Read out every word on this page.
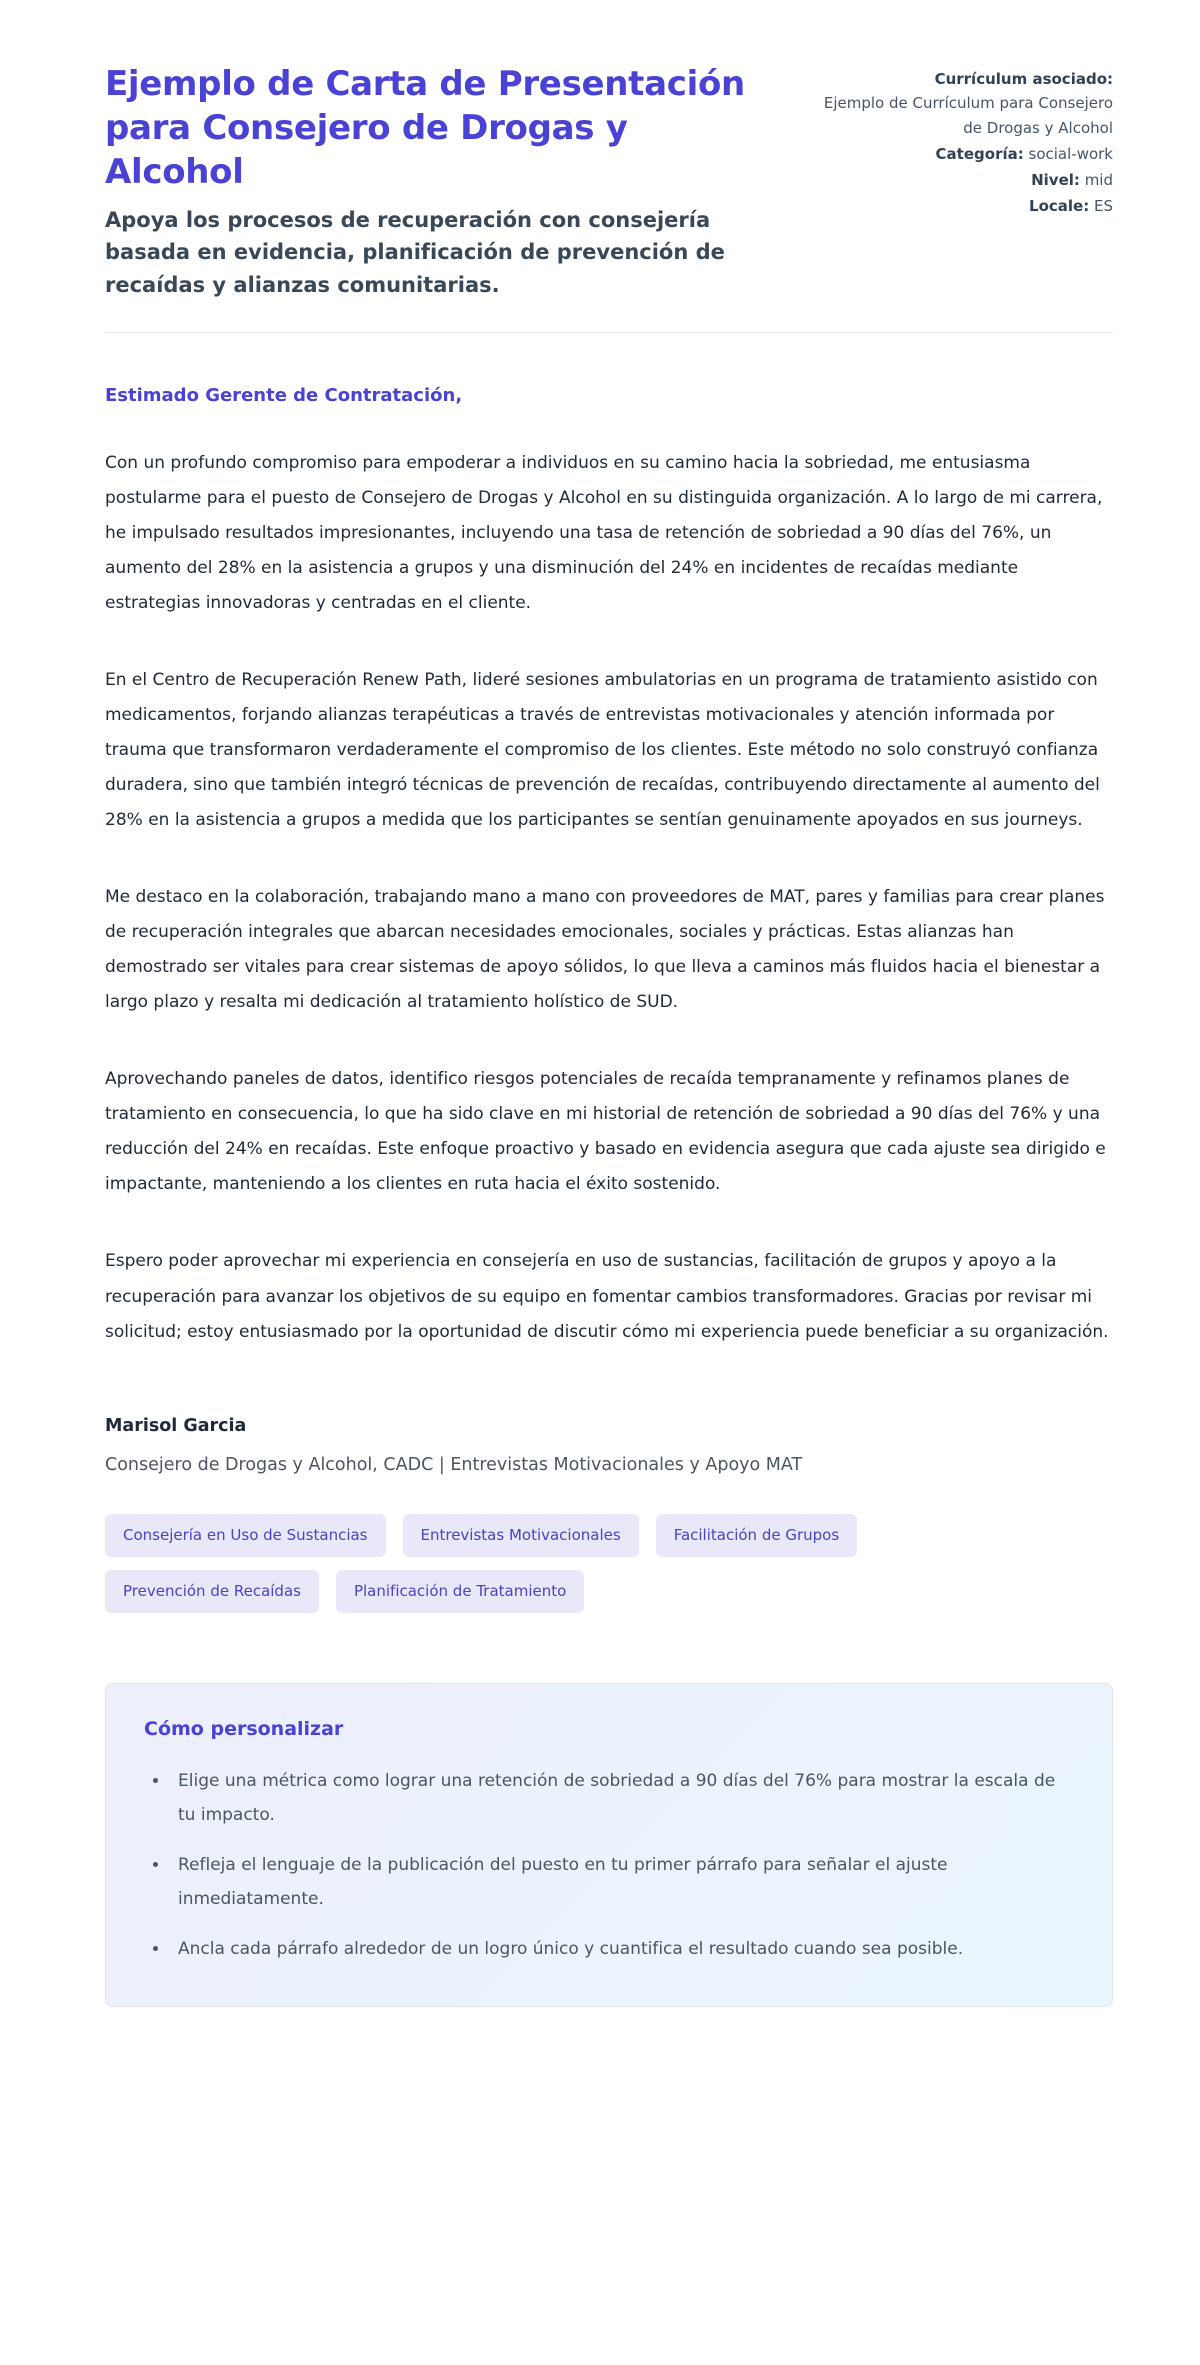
Ejemplo de Carta de Presentación para Consejero de Drogas y Alcohol

Apoya los procesos de recuperación con consejería basada en evidencia, planificación de prevención de recaídas y alianzas comunitarias.

Currículum asociado:
Ejemplo de Currículum para Consejero de Drogas y Alcohol
Categoría: social-work
Nivel: mid
Locale: ES

Estimado Gerente de Contratación,

Con un profundo compromiso para empoderar a individuos en su camino hacia la sobriedad, me entusiasma postularme para el puesto de Consejero de Drogas y Alcohol en su distinguida organización. A lo largo de mi carrera, he impulsado resultados impresionantes, incluyendo una tasa de retención de sobriedad a 90 días del 76%, un aumento del 28% en la asistencia a grupos y una disminución del 24% en incidentes de recaídas mediante estrategias innovadoras y centradas en el cliente.

En el Centro de Recuperación Renew Path, lideré sesiones ambulatorias en un programa de tratamiento asistido con medicamentos, forjando alianzas terapéuticas a través de entrevistas motivacionales y atención informada por trauma que transformaron verdaderamente el compromiso de los clientes. Este método no solo construyó confianza duradera, sino que también integró técnicas de prevención de recaídas, contribuyendo directamente al aumento del 28% en la asistencia a grupos a medida que los participantes se sentían genuinamente apoyados en sus journeys.

Me destaco en la colaboración, trabajando mano a mano con proveedores de MAT, pares y familias para crear planes de recuperación integrales que abarcan necesidades emocionales, sociales y prácticas. Estas alianzas han demostrado ser vitales para crear sistemas de apoyo sólidos, lo que lleva a caminos más fluidos hacia el bienestar a largo plazo y resalta mi dedicación al tratamiento holístico de SUD.

Aprovechando paneles de datos, identifico riesgos potenciales de recaída tempranamente y refinamos planes de tratamiento en consecuencia, lo que ha sido clave en mi historial de retención de sobriedad a 90 días del 76% y una reducción del 24% en recaídas. Este enfoque proactivo y basado en evidencia asegura que cada ajuste sea dirigido e impactante, manteniendo a los clientes en ruta hacia el éxito sostenido.

Espero poder aprovechar mi experiencia en consejería en uso de sustancias, facilitación de grupos y apoyo a la recuperación para avanzar los objetivos de su equipo en fomentar cambios transformadores. Gracias por revisar mi solicitud; estoy entusiasmado por la oportunidad de discutir cómo mi experiencia puede beneficiar a su organización.

Marisol Garcia

Consejero de Drogas y Alcohol, CADC | Entrevistas Motivacionales y Apoyo MAT

Consejería en Uso de Sustancias	Entrevistas Motivacionales	Facilitación de Grupos
Prevención de Recaídas	Planificación de Tratamiento
Cómo personalizar
• Elige una métrica como lograr una retención de sobriedad a 90 días del 76% para mostrar la escala de tu impacto.
• Refleja el lenguaje de la publicación del puesto en tu primer párrafo para señalar el ajuste inmediatamente.
• Ancla cada párrafo alrededor de un logro único y cuantifica el resultado cuando sea posible.
